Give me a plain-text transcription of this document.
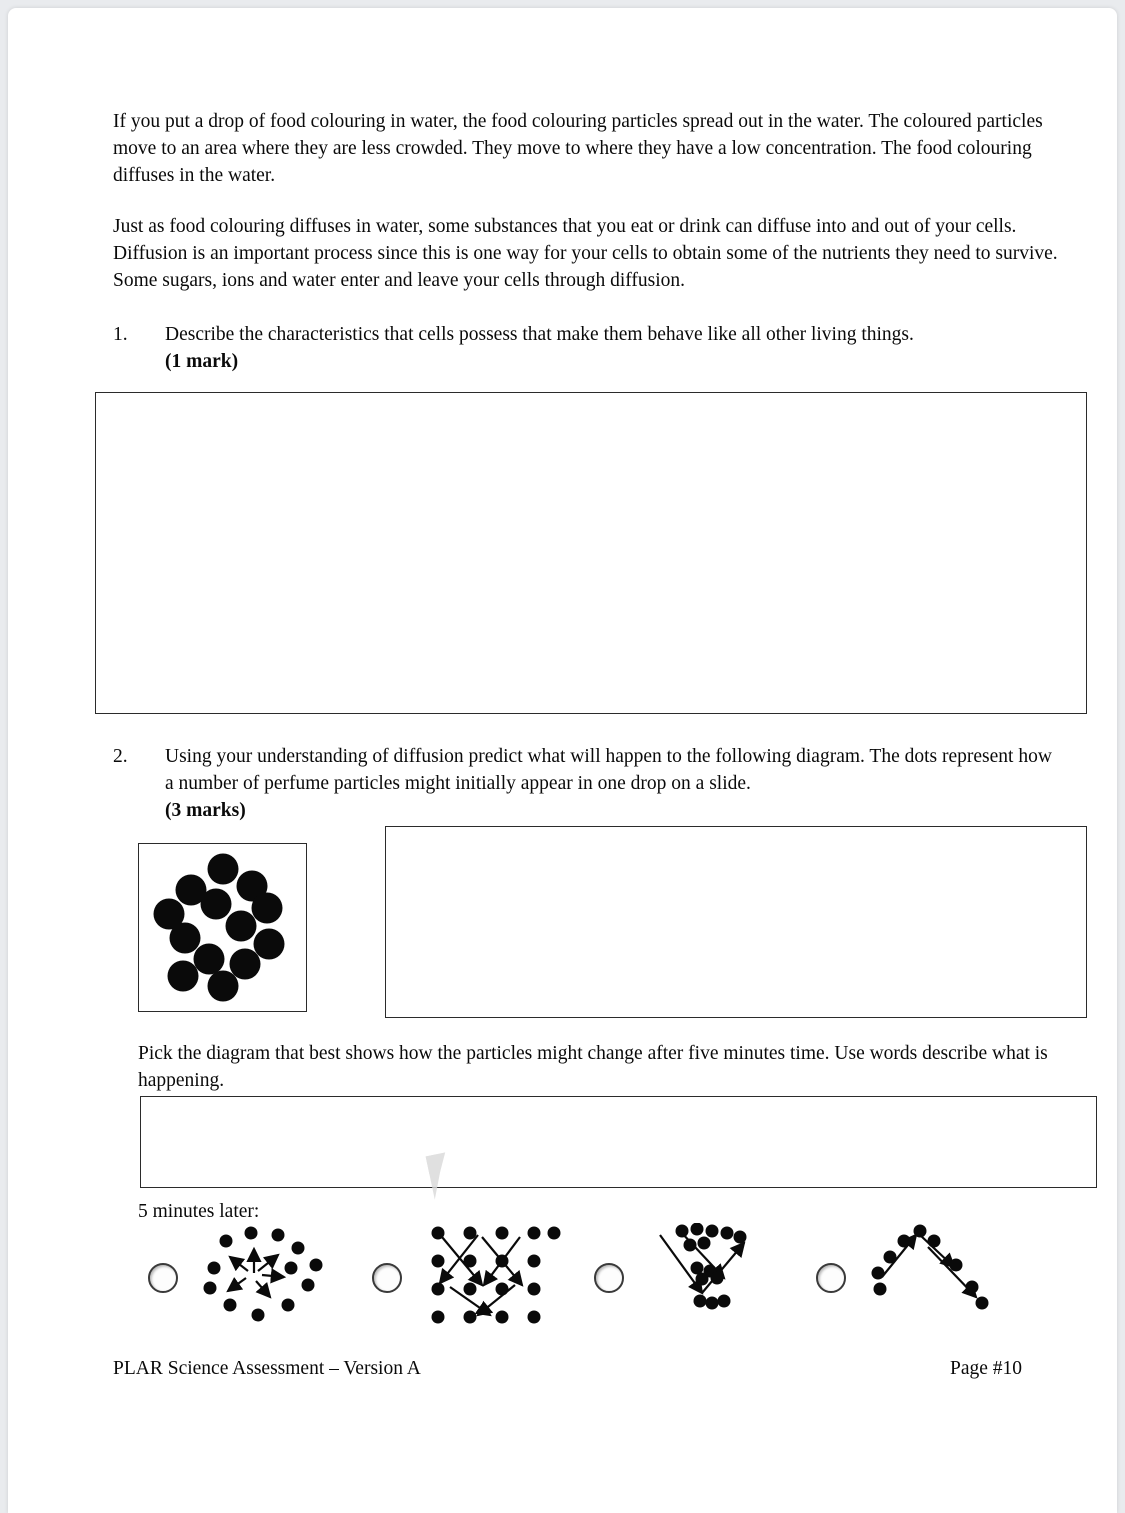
If you put a drop of food colouring in water, the food colouring particles spread out in the water. The coloured particles move to an area where they are less crowded. They move to where they have a low concentration. The food colouring diffuses in the water.

Just as food colouring diffuses in water, some substances that you eat or drink can diffuse into and out of your cells. Diffusion is an important process since this is one way for your cells to obtain some of the nutrients they need to survive. Some sugars, ions and water enter and leave your cells through diffusion.

1.	Describe the characteristics that cells possess that make them behave like all other living things.
(1 mark)
2.	Using your understanding of diffusion predict what will happen to the following diagram. The dots represent how a number of perfume particles might initially appear in one drop on a slide.
(3 marks)

Pick the diagram that best shows how the particles might change after five minutes time. Use words describe what is happening.

5 minutes later:

PLAR Science Assessment – Version A	Page #10
